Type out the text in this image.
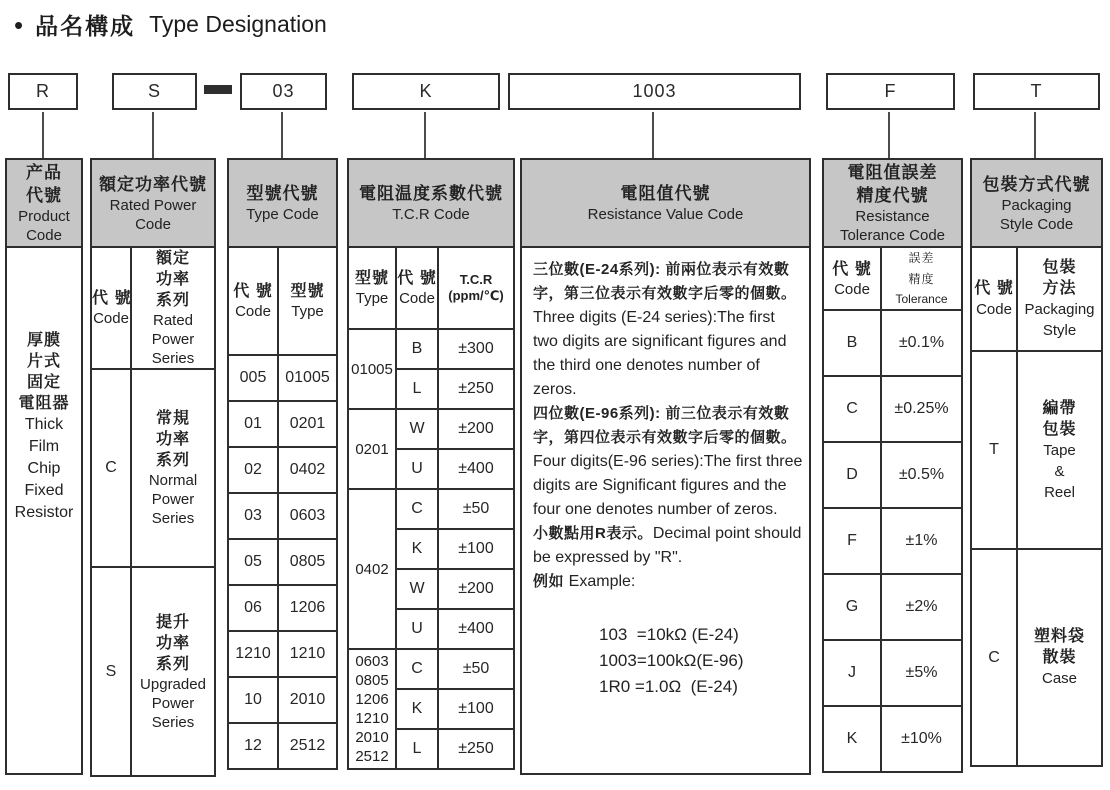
• 品名構成 Type Designation
R	S	03	K	1003	F	T
产品
代號
Product
Code
厚膜
片式
固定
電阻器
Thick
Film
Chip
Fixed
Resistor
額定功率代號
Rated Power
Code
代 號
Code

額定
功率
系列
Rated
Power
Series

C	
常規
功率
系列
Normal
Power
Series

S	
提升
功率
系列
Upgraded
Power
Series
型號代號
Type Code
代 號
Code

型號
Type

005	01005
01	0201
02	0402
03	0603
05	0805
06	1206
1210	1210
10	2010
12	2512
電阻温度系數代號
T.C.R Code
型號
Type

代 號
Code

T.C.R
(ppm/℃)

01005	B	±300
	L	±250

0201	W	±200
	U	±400

0402	C	±50
	K	±100
	W	±200
	U	±400

0603
0805
1206
1210
2010
2512
	C	±50
	K	±100
	L	±250
電阻值代號
Resistance Value Code
三位數(E-24系列): 前兩位表示有效數字，第三位表示有效數字后零的個數。
Three digits (E-24 series):The first two digits are significant figures and the third one denotes number of zeros.
四位數(E-96系列): 前三位表示有效數字，第四位表示有效數字后零的個數。
Four digits(E-96 series):The first three digits are Significant figures and the four one denotes number of zeros.
小數點用R表示。Decimal point should be expressed by "R".
例如 Example:
103  =10kΩ (E-24)
1003=100kΩ(E-96)
1R0 =1.0Ω  (E-24)
電阻值誤差
精度代號
Resistance
Tolerance Code
代 號
Code

誤差
精度
Tolerance

B	±0.1%
C	±0.25%
D	±0.5%
F	±1%
G	±2%
J	±5%
K	±10%
包裝方式代號
Packaging
Style Code
代 號
Code

包裝
方法
Packaging
Style

T	編帶
包裝
Tape
&
Reel

C	塑料袋
散裝
Case
